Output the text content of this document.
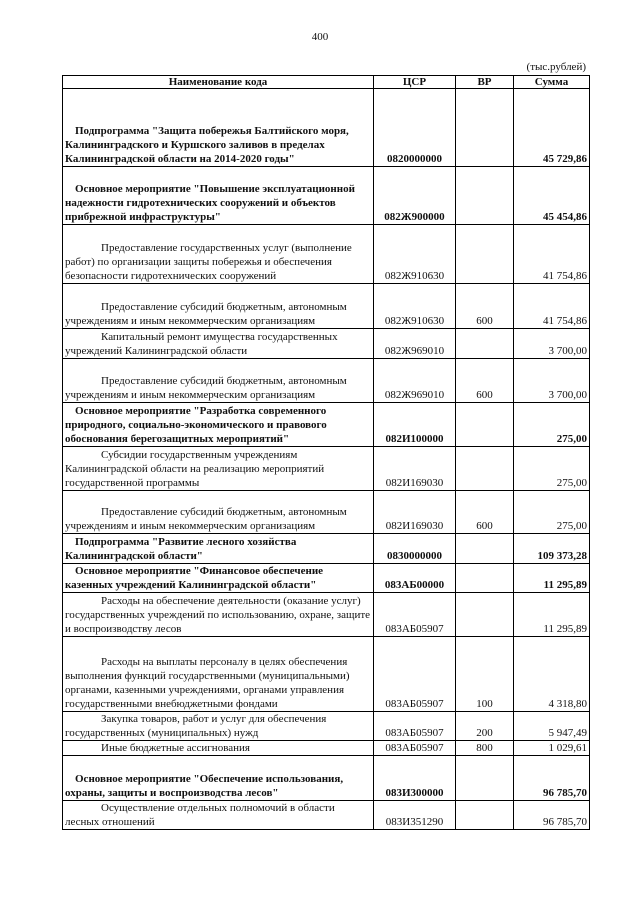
400
(тыс.рублей)
Наименование кода	ЦСР	ВР	Сумма
Подпрограмма "Защита побережья Балтийского моря, Калининградского и Куршского заливов в пределах Калининградской области на 2014-2020 годы"	0820000000		45 729,86
Основное мероприятие "Повышение эксплуатационной надежности гидротехнических сооружений и объектов прибрежной инфраструктуры"	082Ж900000		45 454,86
Предоставление государственных услуг (выполнение работ) по организации защиты побережья и обеспечения безопасности гидротехнических сооружений	082Ж910630		41 754,86
Предоставление субсидий бюджетным, автономным учреждениям и иным некоммерческим организациям	082Ж910630	600	41 754,86
Капитальный ремонт имущества государственных учреждений Калининградской области	082Ж969010		3 700,00
Предоставление субсидий бюджетным, автономным учреждениям и иным некоммерческим организациям	082Ж969010	600	3 700,00
Основное мероприятие "Разработка современного природного, социально-экономического и правового обоснования берегозащитных мероприятий"	082И100000		275,00
Субсидии государственным учреждениям Калининградской области на реализацию мероприятий государственной программы	082И169030		275,00
Предоставление субсидий бюджетным, автономным учреждениям и иным некоммерческим организациям	082И169030	600	275,00
Подпрограмма "Развитие лесного хозяйства Калининградской области"	0830000000		109 373,28
Основное мероприятие "Финансовое обеспечение казенных учреждений Калининградской области"	083АБ00000		11 295,89
Расходы на обеспечение деятельности (оказание услуг) государственных учреждений по использованию, охране, защите и воспроизводству лесов	083АБ05907		11 295,89
Расходы на выплаты персоналу в целях обеспечения выполнения функций государственными (муниципальными) органами, казенными учреждениями, органами управления государственными внебюджетными фондами	083АБ05907	100	4 318,80
Закупка товаров, работ и услуг для обеспечения государственных (муниципальных) нужд	083АБ05907	200	5 947,49
Иные бюджетные ассигнования	083АБ05907	800	1 029,61
Основное мероприятие "Обеспечение использования, охраны, защиты и воспроизводства лесов"	083И300000		96 785,70
Осуществление отдельных полномочий в области лесных отношений	083И351290		96 785,70
